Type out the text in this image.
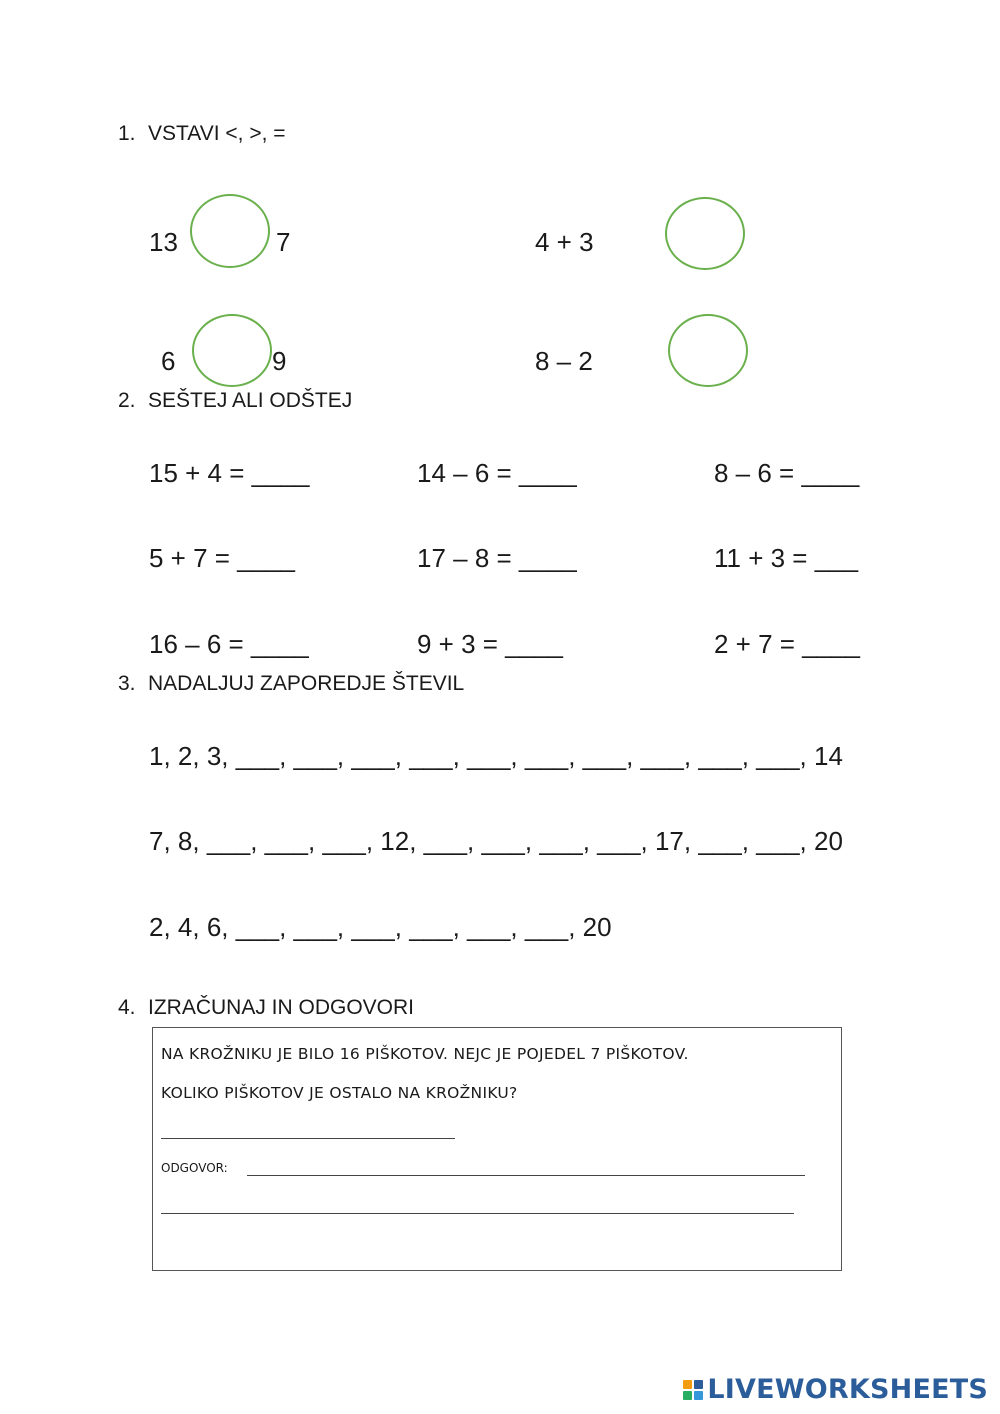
1. VSTAVI <, >, =
13	7	4 + 3
6	9	8 – 2
2. SEŠTEJ ALI ODŠTEJ
15 + 4 = ____	14 – 6 = ____	8 – 6 = ____
5 + 7 = ____	17 – 8 = ____	11 + 3 = ___
16 – 6 = ____	9 + 3 = ____	2 + 7 = ____
3. NADALJUJ ZAPOREDJE ŠTEVIL
1, 2, 3, ___, ___, ___, ___, ___, ___, ___, ___, ___, ___, 14
7, 8, ___, ___, ___, 12, ___, ___, ___, ___, 17, ___, ___, 20
2, 4, 6, ___, ___, ___, ___, ___, ___, 20
4. IZRAČUNAJ IN ODGOVORI
NA KROŽNIKU JE BILO 16 PIŠKOTOV. NEJC JE POJEDEL 7 PIŠKOTOV.
KOLIKO PIŠKOTOV JE OSTALO NA KROŽNIKU?
ODGOVOR:
LIVEWORKSHEETS
